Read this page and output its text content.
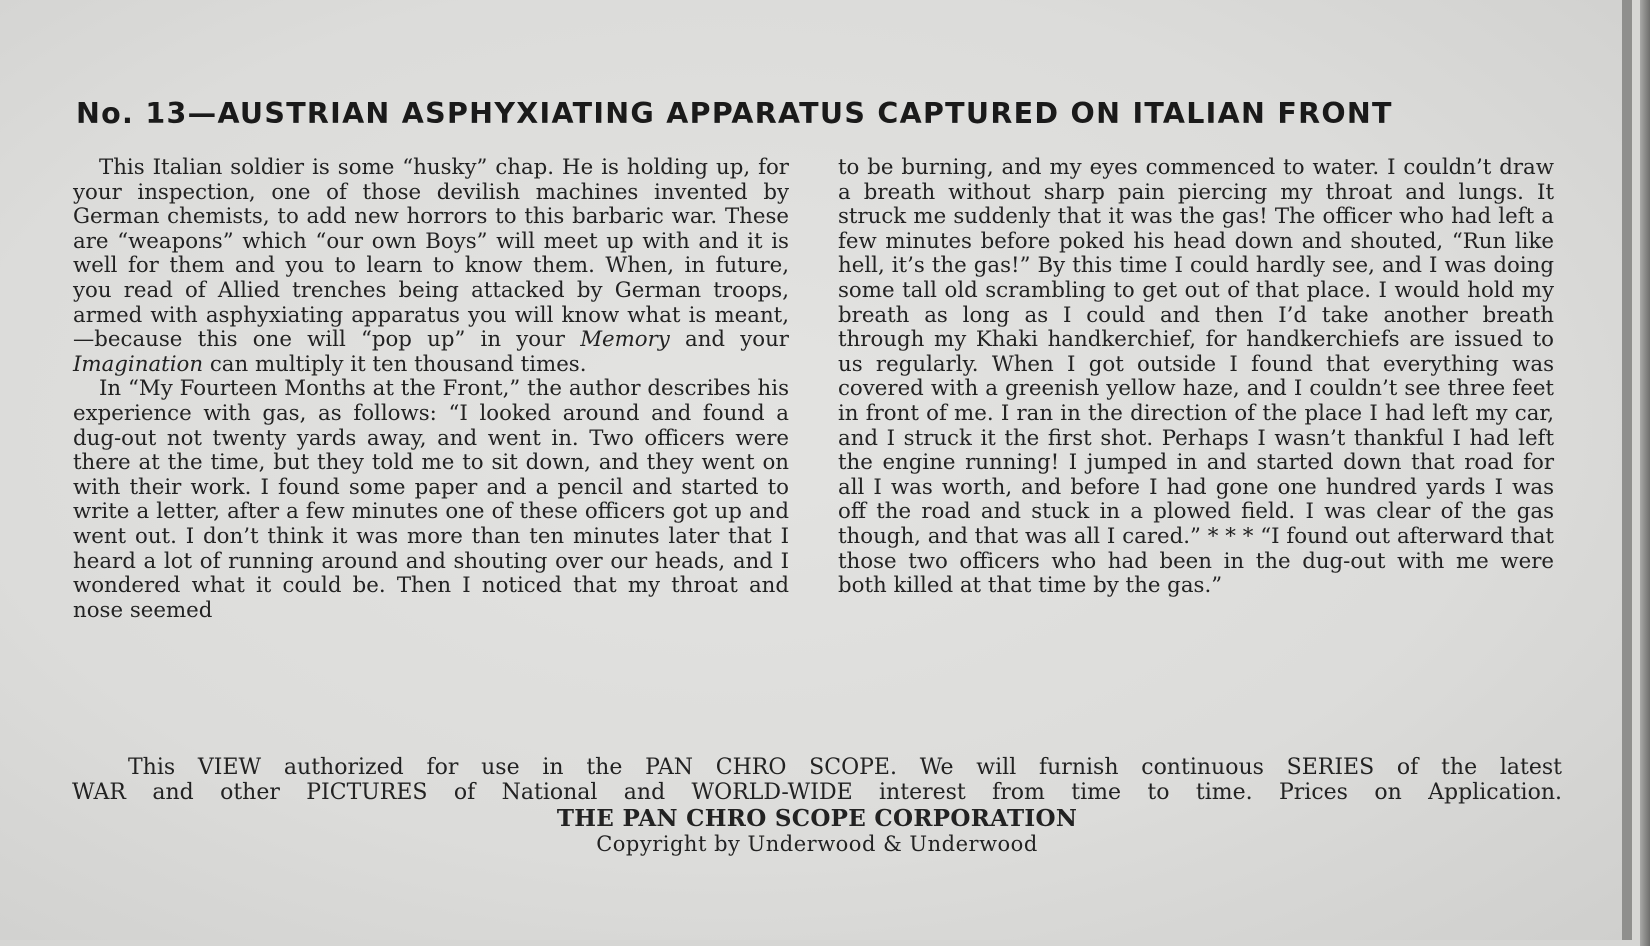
No. 13—AUSTRIAN ASPHYXIATING APPARATUS CAPTURED ON ITALIAN FRONT

This Italian soldier is some “husky” chap. He is holding up, for your inspection, one of those devilish machines invented by German chemists, to add new horrors to this barbaric war. These are “weapons” which “our own Boys” will meet up with and it is well for them and you to learn to know them. When, in future, you read of Allied trenches being attacked by German troops, armed with asphyxiating apparatus you will know what is meant,—because this one will “pop up” in your Memory and your Imagination can multiply it ten thousand times.

In “My Fourteen Months at the Front,” the author describes his experience with gas, as follows: “I looked around and found a dug-out not twenty yards away, and went in. Two officers were there at the time, but they told me to sit down, and they went on with their work. I found some paper and a pencil and started to write a letter, after a few minutes one of these officers got up and went out. I don’t think it was more than ten minutes later that I heard a lot of running around and shouting over our heads, and I wondered what it could be. Then I noticed that my throat and nose seemed

to be burning, and my eyes commenced to water. I couldn’t draw a breath without sharp pain piercing my throat and lungs. It struck me suddenly that it was the gas! The officer who had left a few minutes before poked his head down and shouted, “Run like hell, it’s the gas!” By this time I could hardly see, and I was doing some tall old scrambling to get out of that place. I would hold my breath as long as I could and then I’d take another breath through my Khaki handkerchief, for handkerchiefs are issued to us regularly. When I got outside I found that everything was covered with a greenish yellow haze, and I couldn’t see three feet in front of me. I ran in the direction of the place I had left my car, and I struck it the first shot. Perhaps I wasn’t thankful I had left the engine running! I jumped in and started down that road for all I was worth, and before I had gone one hundred yards I was off the road and stuck in a plowed field. I was clear of the gas though, and that was all I cared.” * * * “I found out afterward that those two officers who had been in the dug-out with me were both killed at that time by the gas.”

This VIEW authorized for use in the PAN CHRO SCOPE. We will furnish continuous SERIES of the latest

WAR and other PICTURES of National and WORLD-WIDE interest from time to time. Prices on Application.

THE PAN CHRO SCOPE CORPORATION

Copyright by Underwood & Underwood
